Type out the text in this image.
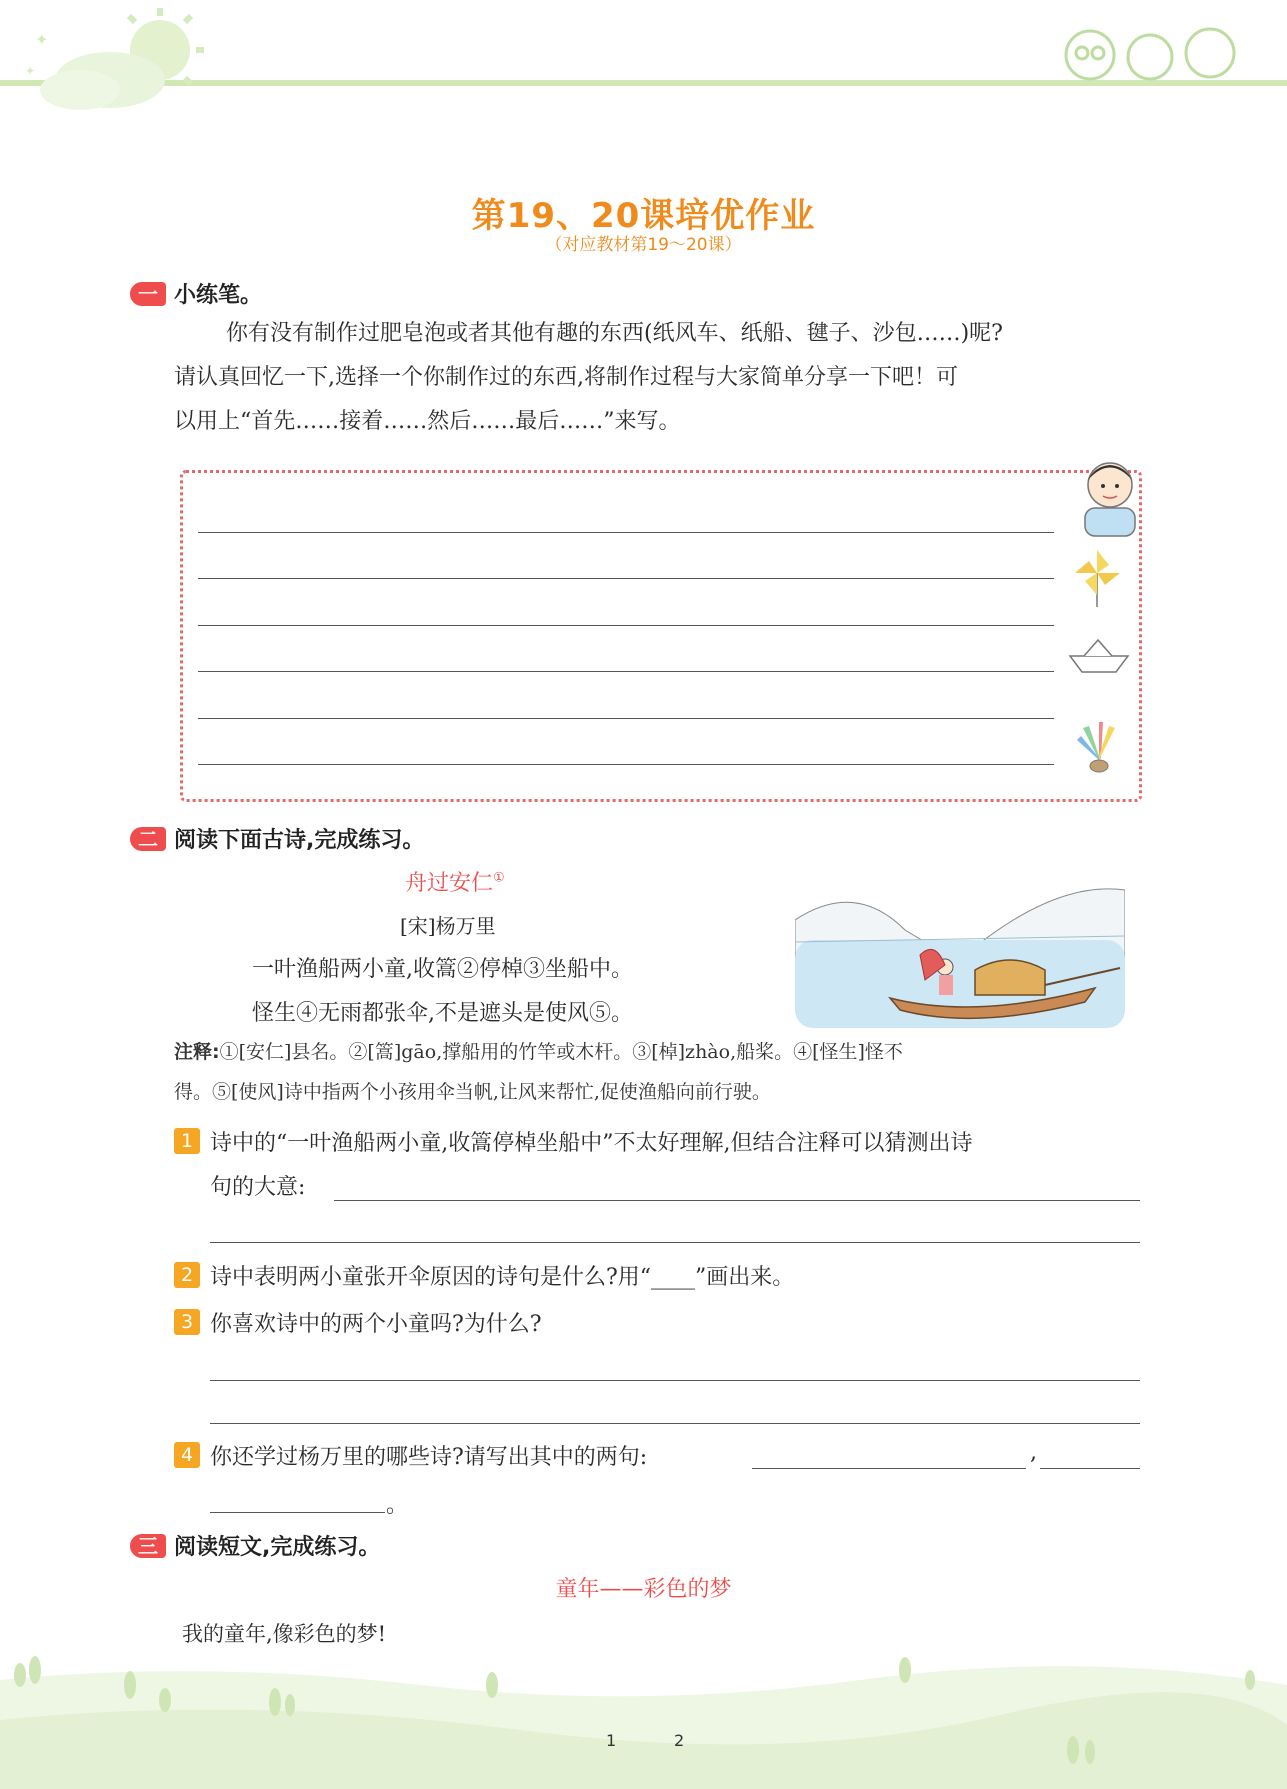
✦
✦
第19、20课培优作业
（对应教材第19～20课）
一 小练笔。
你有没有制作过肥皂泡或者其他有趣的东西(纸风车、纸船、毽子、沙包……)呢?
请认真回忆一下,选择一个你制作过的东西,将制作过程与大家简单分享一下吧！可
以用上“首先……接着……然后……最后……”来写。
二 阅读下面古诗,完成练习。
舟过安仁①
[宋]杨万里
一叶渔船两小童,收篙②停棹③坐船中。
怪生④无雨都张伞,不是遮头是使风⑤。
注释:①[安仁]县名。②[篙]gāo,撑船用的竹竿或木杆。③[棹]zhào,船桨。④[怪生]怪不
得。⑤[使风]诗中指两个小孩用伞当帆,让风来帮忙,促使渔船向前行驶。
1 诗中的“一叶渔船两小童,收篙停棹坐船中”不太好理解,但结合注释可以猜测出诗
句的大意:
2 诗中表明两小童张开伞原因的诗句是什么?用“____”画出来。
3 你喜欢诗中的两个小童吗?为什么?
4 你还学过杨万里的哪些诗?请写出其中的两句:	,
。
三 阅读短文,完成练习。
童年——彩色的梦
我的童年,像彩色的梦!
1	2
